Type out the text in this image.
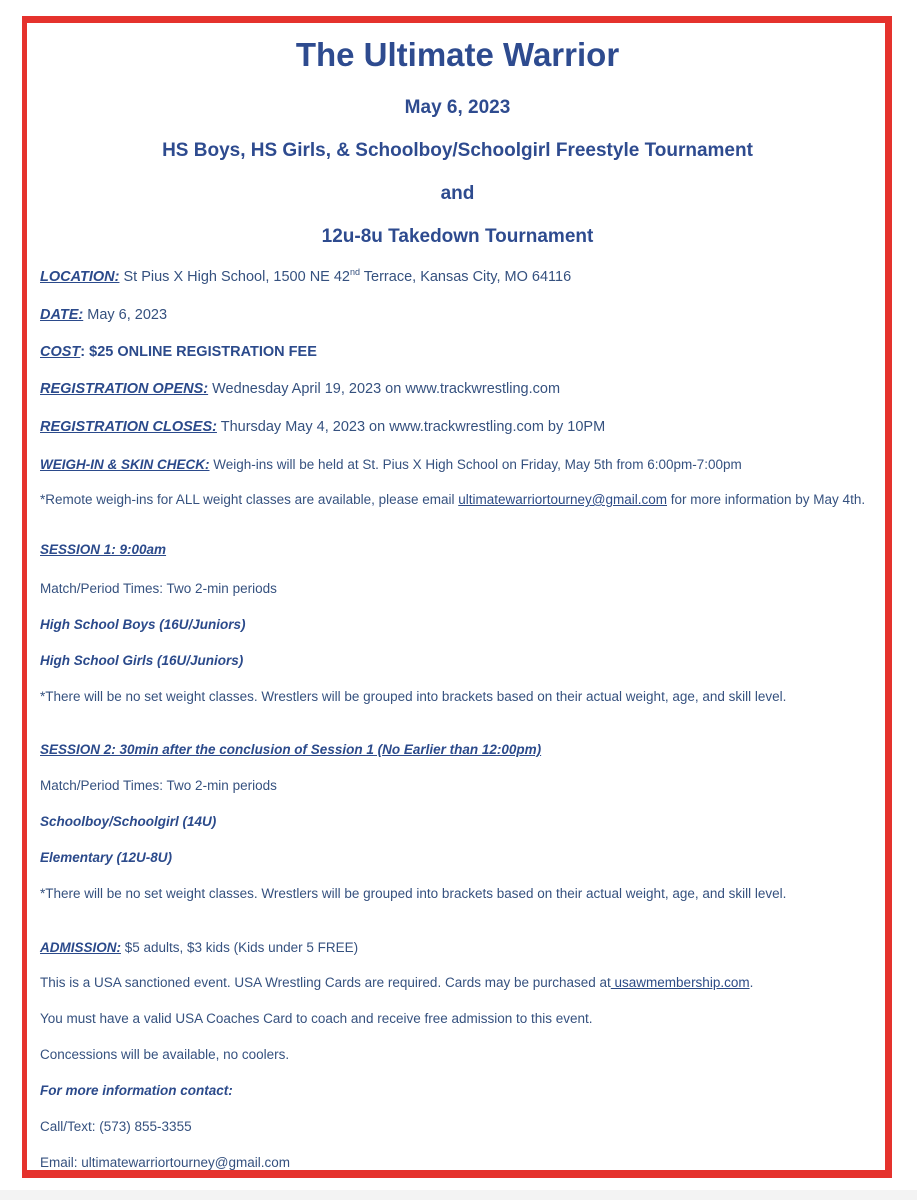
The Ultimate Warrior
May 6, 2023
HS Boys, HS Girls, & Schoolboy/Schoolgirl Freestyle Tournament
and
12u-8u Takedown Tournament
LOCATION: St Pius X High School, 1500 NE 42nd Terrace, Kansas City, MO 64116
DATE: May 6, 2023
COST: $25 ONLINE REGISTRATION FEE
REGISTRATION OPENS: Wednesday April 19, 2023 on www.trackwrestling.com
REGISTRATION CLOSES: Thursday May 4, 2023 on www.trackwrestling.com by 10PM
WEIGH-IN & SKIN CHECK: Weigh-ins will be held at St. Pius X High School on Friday, May 5th from 6:00pm-7:00pm
*Remote weigh-ins for ALL weight classes are available, please email ultimatewarriortourney@gmail.com for more information by May 4th.
SESSION 1: 9:00am
Match/Period Times: Two 2-min periods
High School Boys (16U/Juniors)
High School Girls (16U/Juniors)
*There will be no set weight classes. Wrestlers will be grouped into brackets based on their actual weight, age, and skill level.
SESSION 2: 30min after the conclusion of Session 1 (No Earlier than 12:00pm)
Match/Period Times: Two 2-min periods
Schoolboy/Schoolgirl (14U)
Elementary (12U-8U)
*There will be no set weight classes. Wrestlers will be grouped into brackets based on their actual weight, age, and skill level.
ADMISSION: $5 adults, $3 kids (Kids under 5 FREE)
This is a USA sanctioned event. USA Wrestling Cards are required. Cards may be purchased at usawmembership.com.
You must have a valid USA Coaches Card to coach and receive free admission to this event.
Concessions will be available, no coolers.
For more information contact:
Call/Text: (573) 855-3355
Email: ultimatewarriortourney@gmail.com
